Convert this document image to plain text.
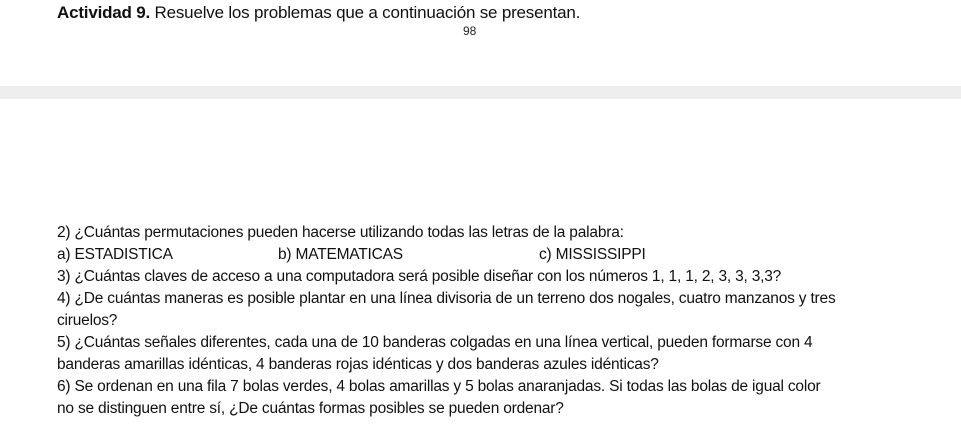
Actividad 9. Resuelve los problemas que a continuación se presentan.
98
2) ¿Cuántas permutaciones pueden hacerse utilizando todas las letras de la palabra:
a) ESTADISTICA	b) MATEMATICAS	c) MISSISSIPPI
3) ¿Cuántas claves de acceso a una computadora será posible diseñar con los números 1, 1, 1, 2, 3, 3, 3,3?
4) ¿De cuántas maneras es posible plantar en una línea divisoria de un terreno dos nogales, cuatro manzanos y tres
ciruelos?
5) ¿Cuántas señales diferentes, cada una de 10 banderas colgadas en una línea vertical, pueden formarse con 4
banderas amarillas idénticas, 4 banderas rojas idénticas y dos banderas azules idénticas?
6) Se ordenan en una fila 7 bolas verdes, 4 bolas amarillas y 5 bolas anaranjadas. Si todas las bolas de igual color
no se distinguen entre sí, ¿De cuántas formas posibles se pueden ordenar?
